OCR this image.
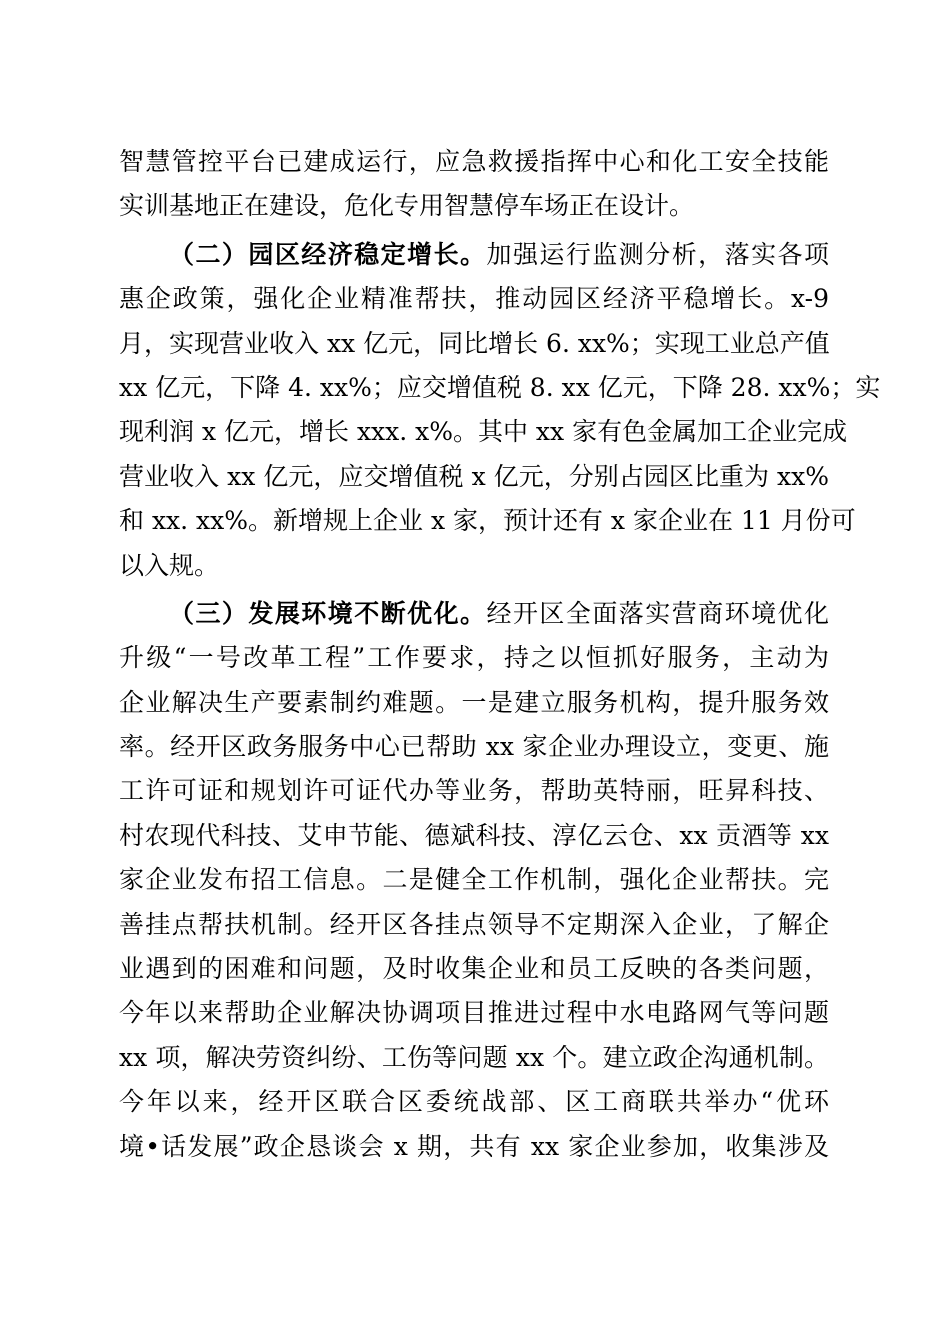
智慧管控平台已建成运行，应急救援指挥中心和化工安全技能
实训基地正在建设，危化专用智慧停车场正在设计。
（二）园区经济稳定增长。加强运行监测分析，落实各项
惠企政策，强化企业精准帮扶，推动园区经济平稳增长。x-9
月，实现营业收入 xx 亿元，同比增长 6. xx%；实现工业总产值
xx 亿元，下降 4. xx%；应交增值税 8. xx 亿元，下降 28. xx%；实
现利润 x 亿元，增长 xxx. x%。其中 xx 家有色金属加工企业完成
营业收入 xx 亿元，应交增值税 x 亿元，分别占园区比重为 xx%
和 xx. xx%。新增规上企业 x 家，预计还有 x 家企业在 11 月份可
以入规。
（三）发展环境不断优化。经开区全面落实营商环境优化
升级“一号改革工程”工作要求，持之以恒抓好服务，主动为
企业解决生产要素制约难题。一是建立服务机构，提升服务效
率。经开区政务服务中心已帮助 xx 家企业办理设立，变更、施
工许可证和规划许可证代办等业务，帮助英特丽，旺昇科技、
村农现代科技、艾申节能、德斌科技、淳亿云仓、xx 贡酒等 xx
家企业发布招工信息。二是健全工作机制，强化企业帮扶。完
善挂点帮扶机制。经开区各挂点领导不定期深入企业，了解企
业遇到的困难和问题，及时收集企业和员工反映的各类问题，
今年以来帮助企业解决协调项目推进过程中水电路网气等问题
xx 项，解决劳资纠纷、工伤等问题 xx 个。建立政企沟通机制。
今年以来，经开区联合区委统战部、区工商联共举办“优环
境•话发展”政企恳谈会 x 期，共有 xx 家企业参加，收集涉及
